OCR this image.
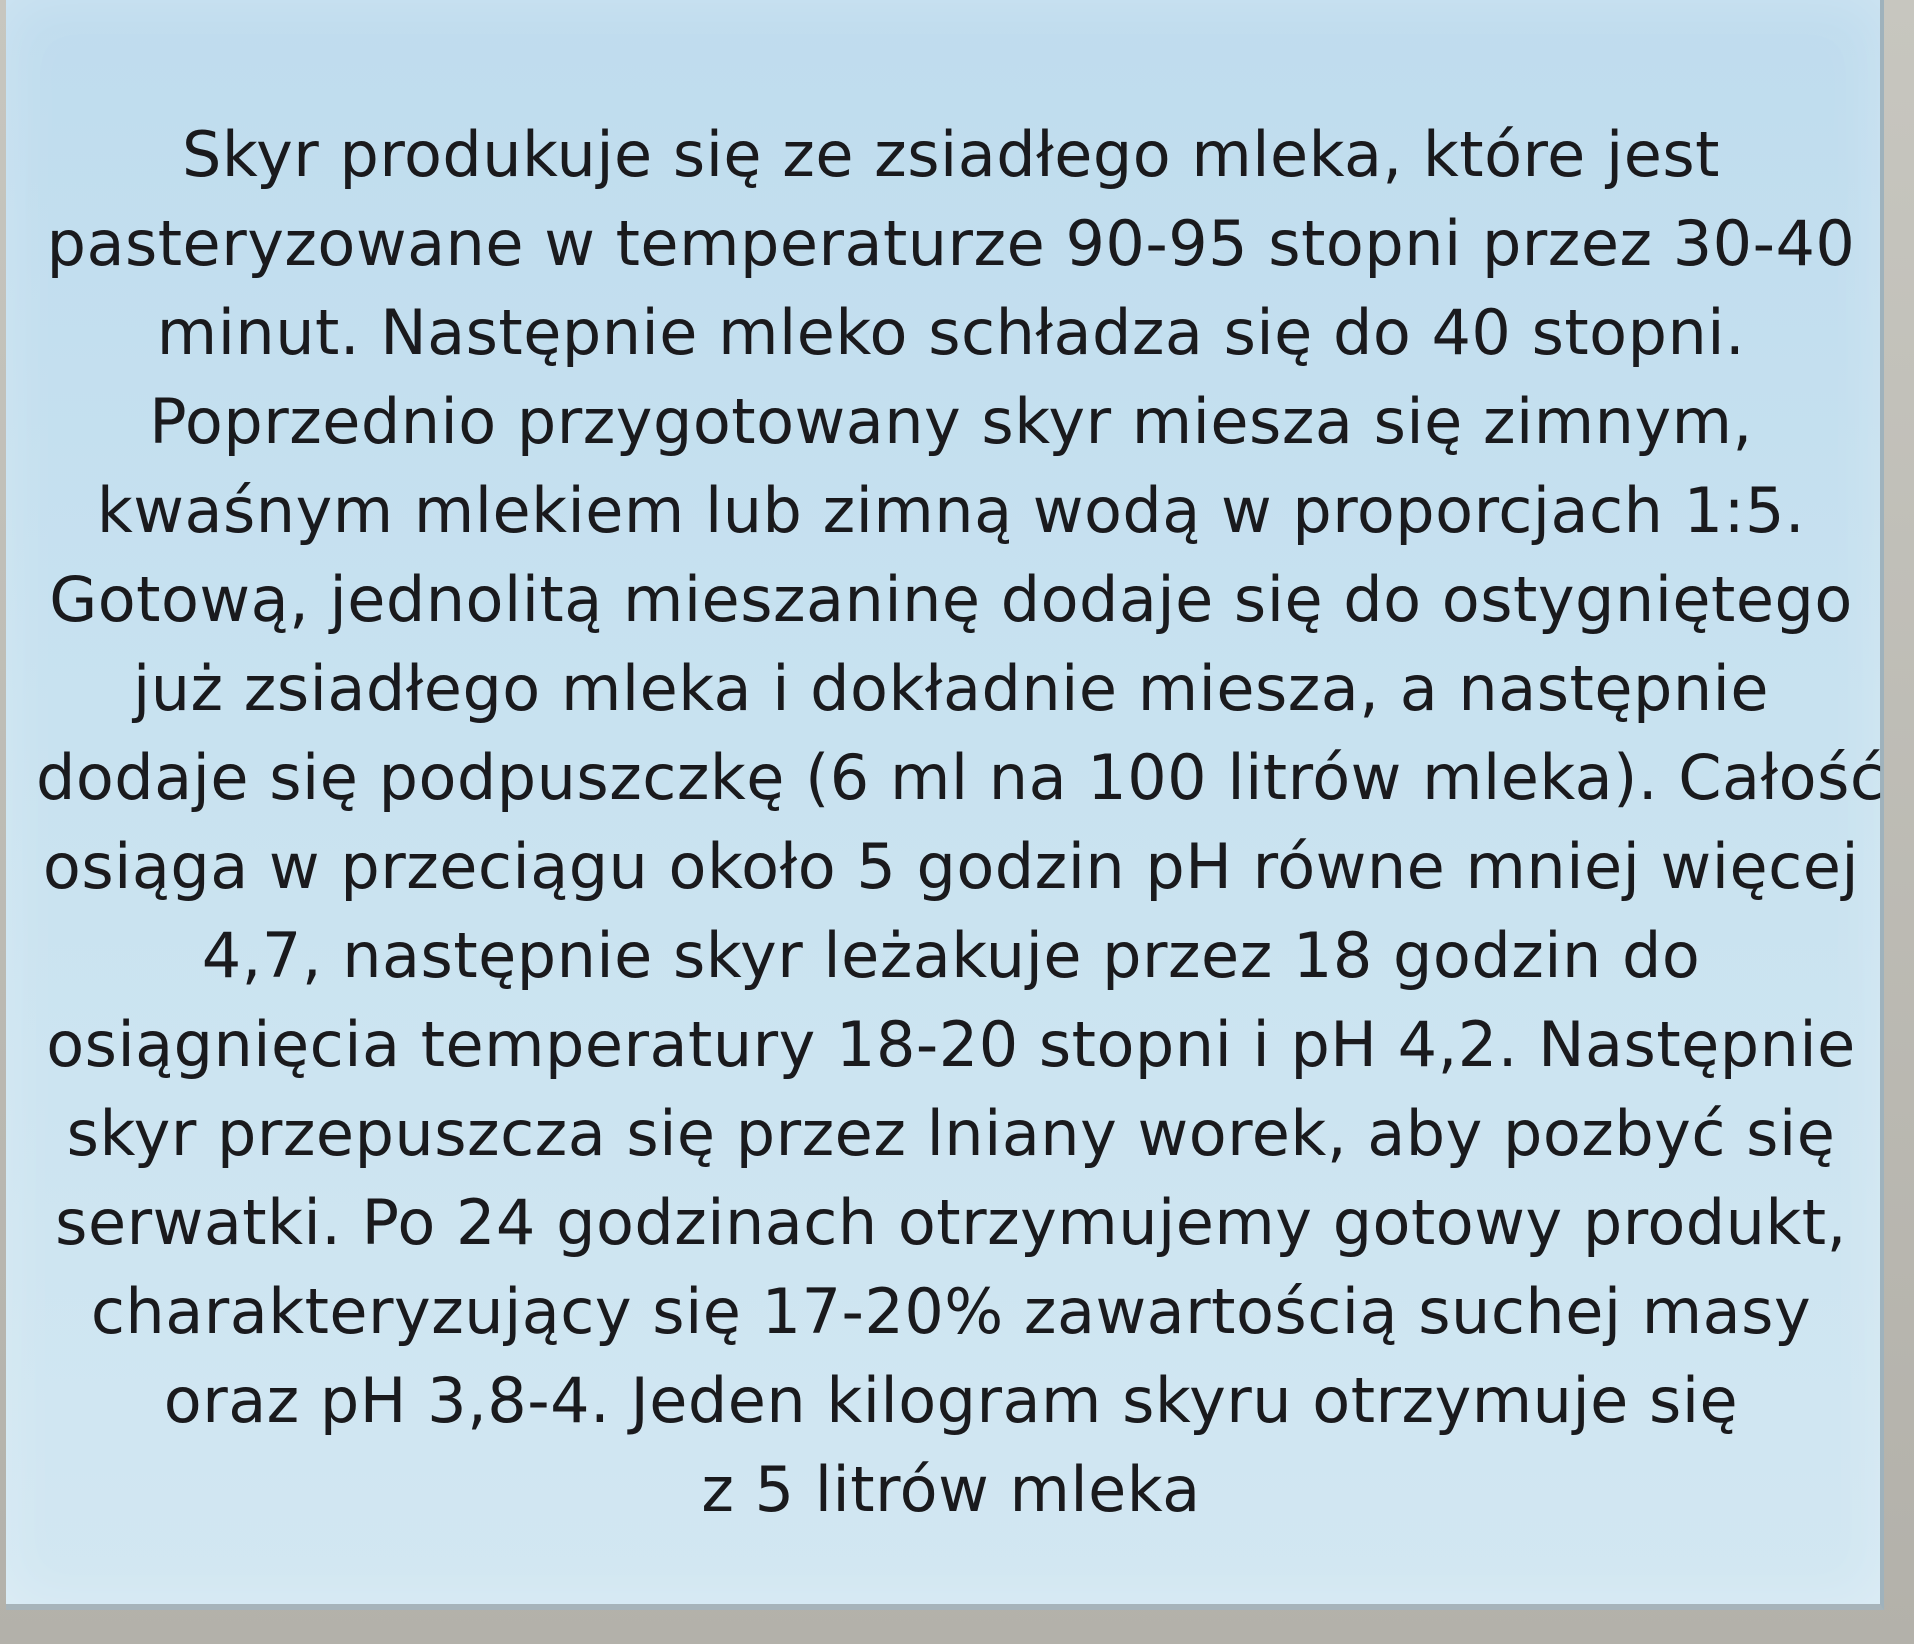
Skyr produkuje się ze zsiadłego mleka, które jest
pasteryzowane w temperaturze 90-95 stopni przez 30-40
minut. Następnie mleko schładza się do 40 stopni.
Poprzednio przygotowany skyr miesza się zimnym,
kwaśnym mlekiem lub zimną wodą w proporcjach 1:5.
Gotową, jednolitą mieszaninę dodaje się do ostygniętego
już zsiadłego mleka i dokładnie miesza, a następnie
dodaje się podpuszczkę (6 ml na 100 litrów mleka). Całość
osiąga w przeciągu około 5 godzin pH równe mniej więcej
4,7, następnie skyr leżakuje przez 18 godzin do
osiągnięcia temperatury 18-20 stopni i pH 4,2. Następnie
skyr przepuszcza się przez lniany worek, aby pozbyć się
serwatki. Po 24 godzinach otrzymujemy gotowy produkt,
charakteryzujący się 17-20% zawartością suchej masy
oraz pH 3,8-4. Jeden kilogram skyru otrzymuje się
z 5 litrów mleka
